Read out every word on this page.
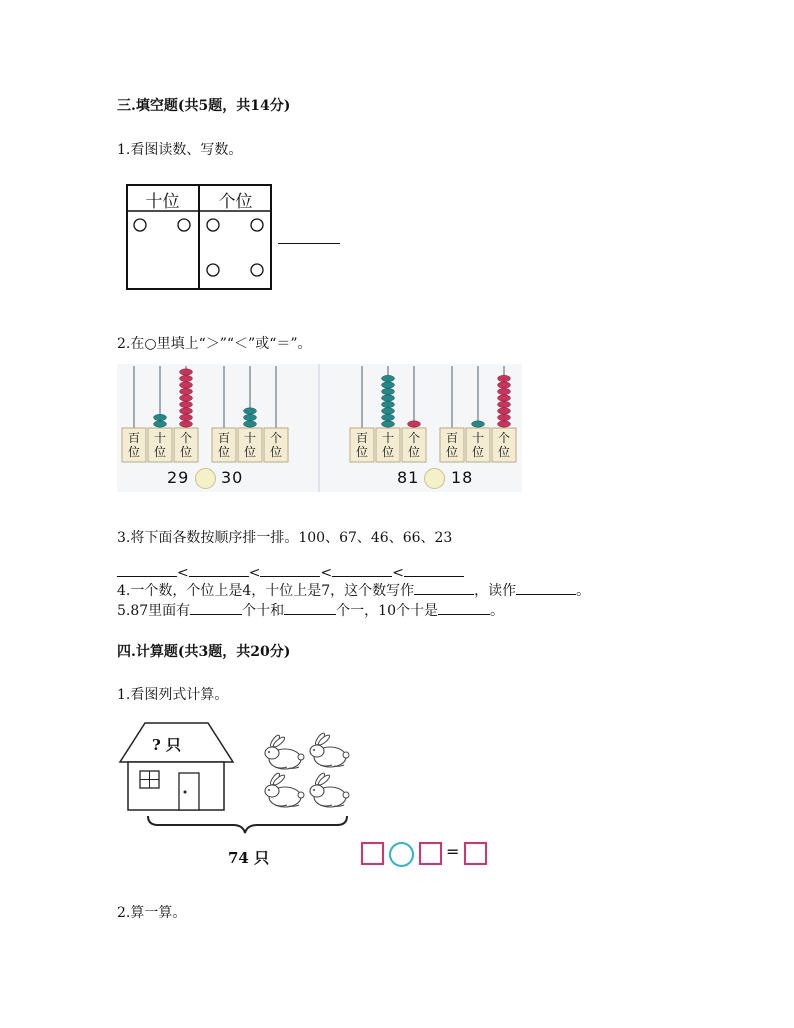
三.填空题(共5题，共14分)
1.看图读数、写数。
十位	个位
2.在○里填上“＞”“＜”或“＝”。
百
位
十
位
个
位
百
位
十
位
个
位
百
位
十
位
个
位
百
位
十
位
个
位
29 30	81 18
3.将下面各数按顺序排一排。100、67、46、66、23
<	<	<	<
4.一个数，个位上是4，十位上是7，这个数写作	，读作	。
5.87里面有	个十和	个一，10个十是	。
四.计算题(共3题，共20分)
1.看图列式计算。
? 只
74 只	=
2.算一算。
